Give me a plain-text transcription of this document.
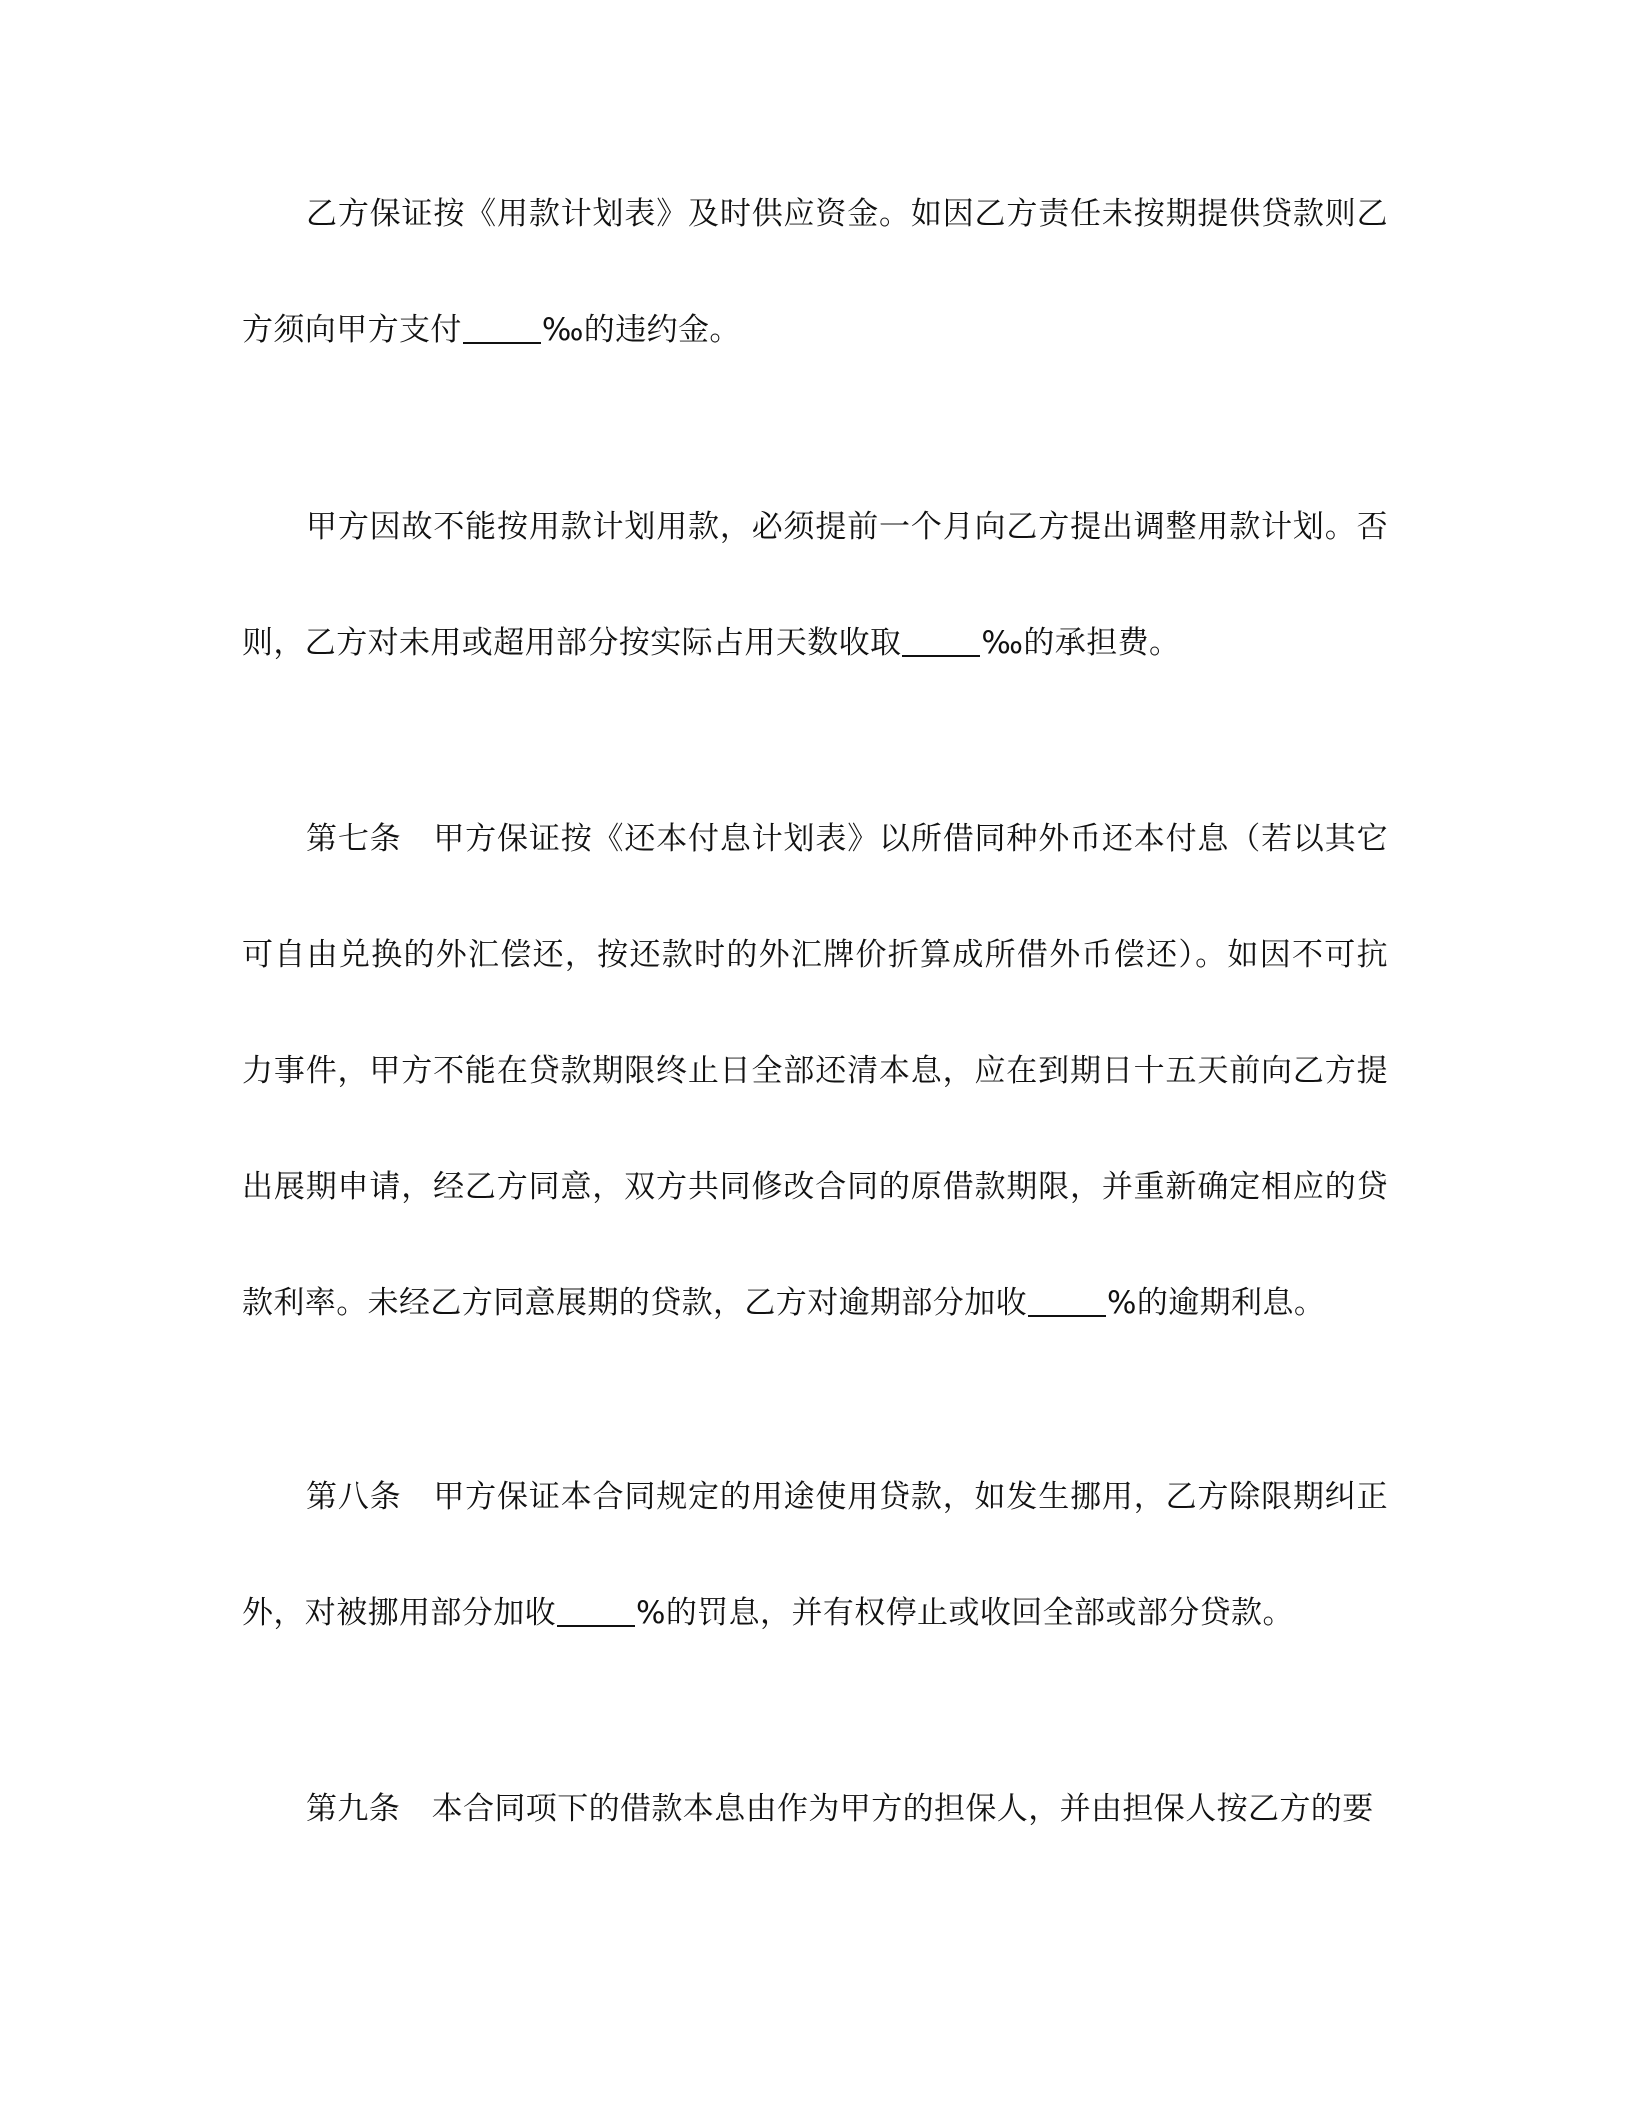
乙方保证按《用款计划表》及时供应资金。如因乙方责任未按期提供贷款则乙方须向甲方支付	‰的违约金。

甲方因故不能按用款计划用款，必须提前一个月向乙方提出调整用款计划。否则，乙方对未用或超用部分按实际占用天数收取	‰的承担费。

第七条　甲方保证按《还本付息计划表》以所借同种外币还本付息（若以其它可自由兑换的外汇偿还，按还款时的外汇牌价折算成所借外币偿还）。如因不可抗力事件，甲方不能在贷款期限终止日全部还清本息，应在到期日十五天前向乙方提出展期申请，经乙方同意，双方共同修改合同的原借款期限，并重新确定相应的贷款利率。未经乙方同意展期的贷款，乙方对逾期部分加收	%的逾期利息。

第八条　甲方保证本合同规定的用途使用贷款，如发生挪用，乙方除限期纠正外，对被挪用部分加收	%的罚息，并有权停止或收回全部或部分贷款。

第九条　本合同项下的借款本息由作为甲方的担保人，并由担保人按乙方的要
